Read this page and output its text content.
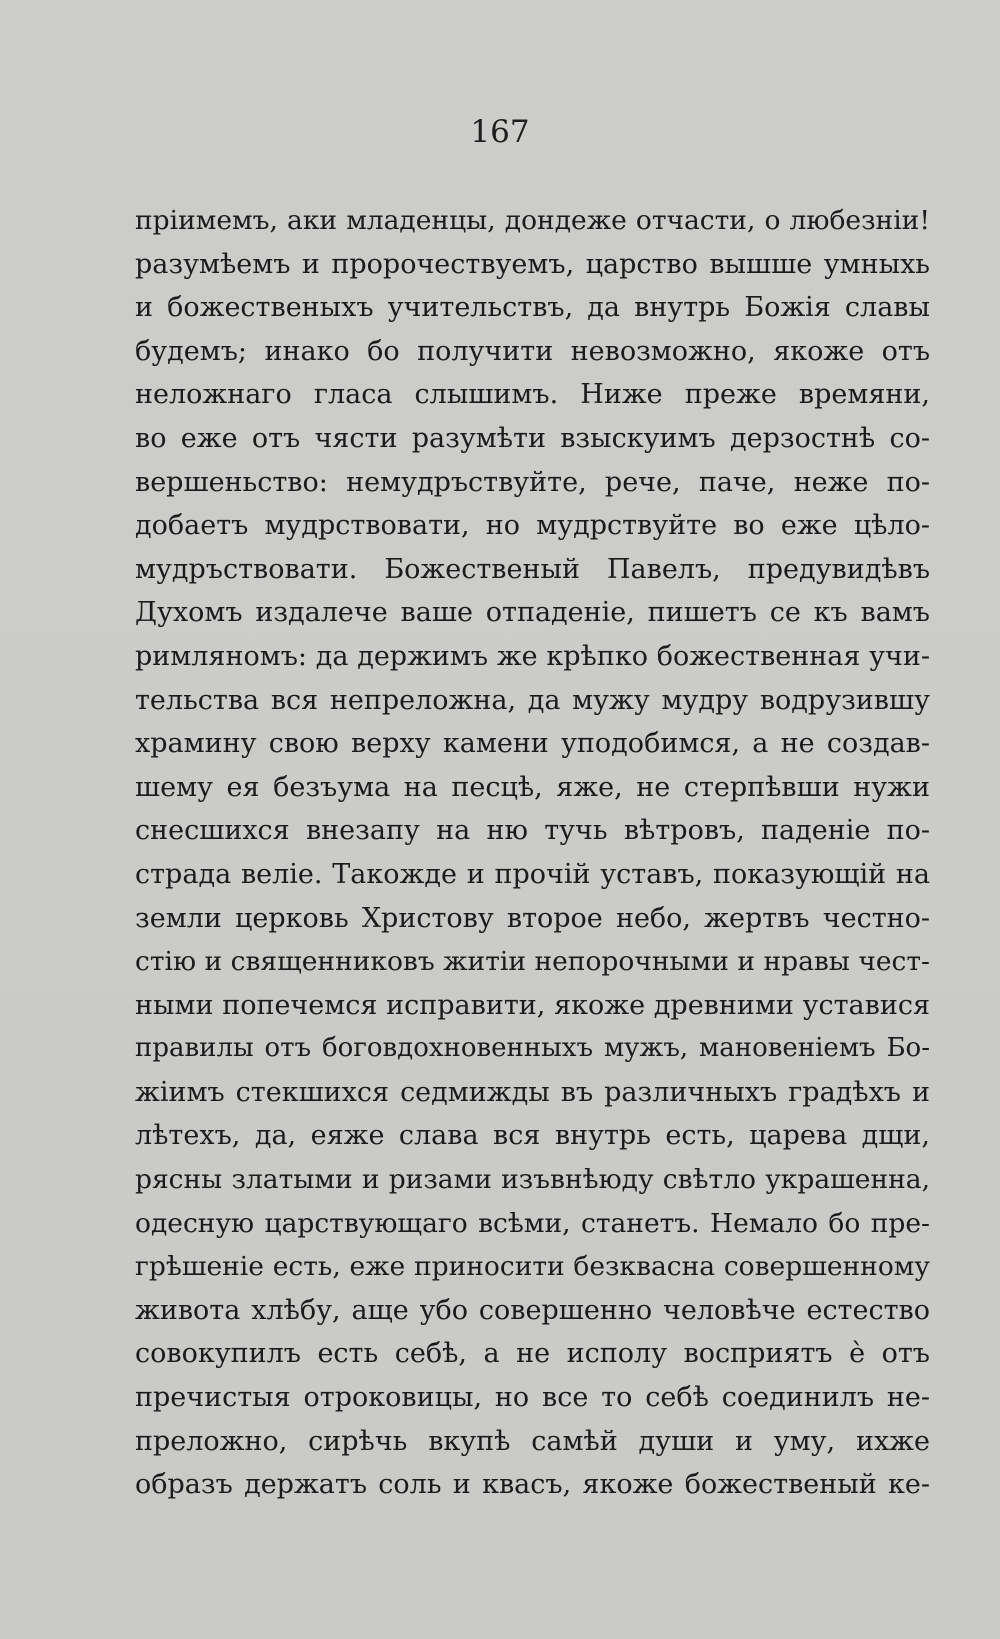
167
пріимемъ, аки младенцы, дондеже отчасти, о любезніи!
разумѣемъ и пророчествуемъ, царство вышше умныхь
и божественыхъ учительствъ, да внутрь Божія славы
будемъ; инако бо получити невозможно, якоже отъ
неложнаго гласа слышимъ. Ниже преже времяни,
во еже отъ чясти разумѣти взыскуимъ дерзостнѣ со-
вершеньство: немудръствуйте, рече, паче, неже по-
добаетъ мудрствовати, но мудрствуйте во еже цѣло-
мудръствовати. Божественый Павелъ, предувидѣвъ
Духомъ издалече ваше отпаденіе, пишетъ се къ вамъ
римляномъ: да держимъ же крѣпко божественная учи-
тельства вся непреложна, да мужу мудру водрузившу
храмину свою верху камени уподобимся, а не создав-
шему ея безъума на песцѣ, яже, не стерпѣвши нужи
снесшихся внезапу на ню тучь вѣтровъ, паденіе по-
страда веліе. Такожде и прочій уставъ, показующій на
земли церковь Христову второе небо, жертвъ честно-
стію и священниковъ житіи непорочными и нравы чест-
ными попечемся исправити, якоже древними уставися
правилы отъ боговдохновенныхъ мужъ, мановеніемъ Бо-
жіимъ стекшихся седмижды въ различныхъ градѣхъ и
лѣтехъ, да, еяже слава вся внутрь есть, царева дщи,
рясны златыми и ризами изъвнѣюду свѣтло украшенна,
одесную царствующаго всѣми, станетъ. Немало бо пре-
грѣшеніе есть, еже приносити безквасна совершенному
живота хлѣбу, аще убо совершенно человѣче естество
совокупилъ есть себѣ, а не исполу восприятъ ѐ отъ
пречистыя отроковицы, но все то себѣ соединилъ не-
преложно, сирѣчь вкупѣ самѣй души и уму, ихже
образъ держатъ соль и квасъ, якоже божественый ке-
